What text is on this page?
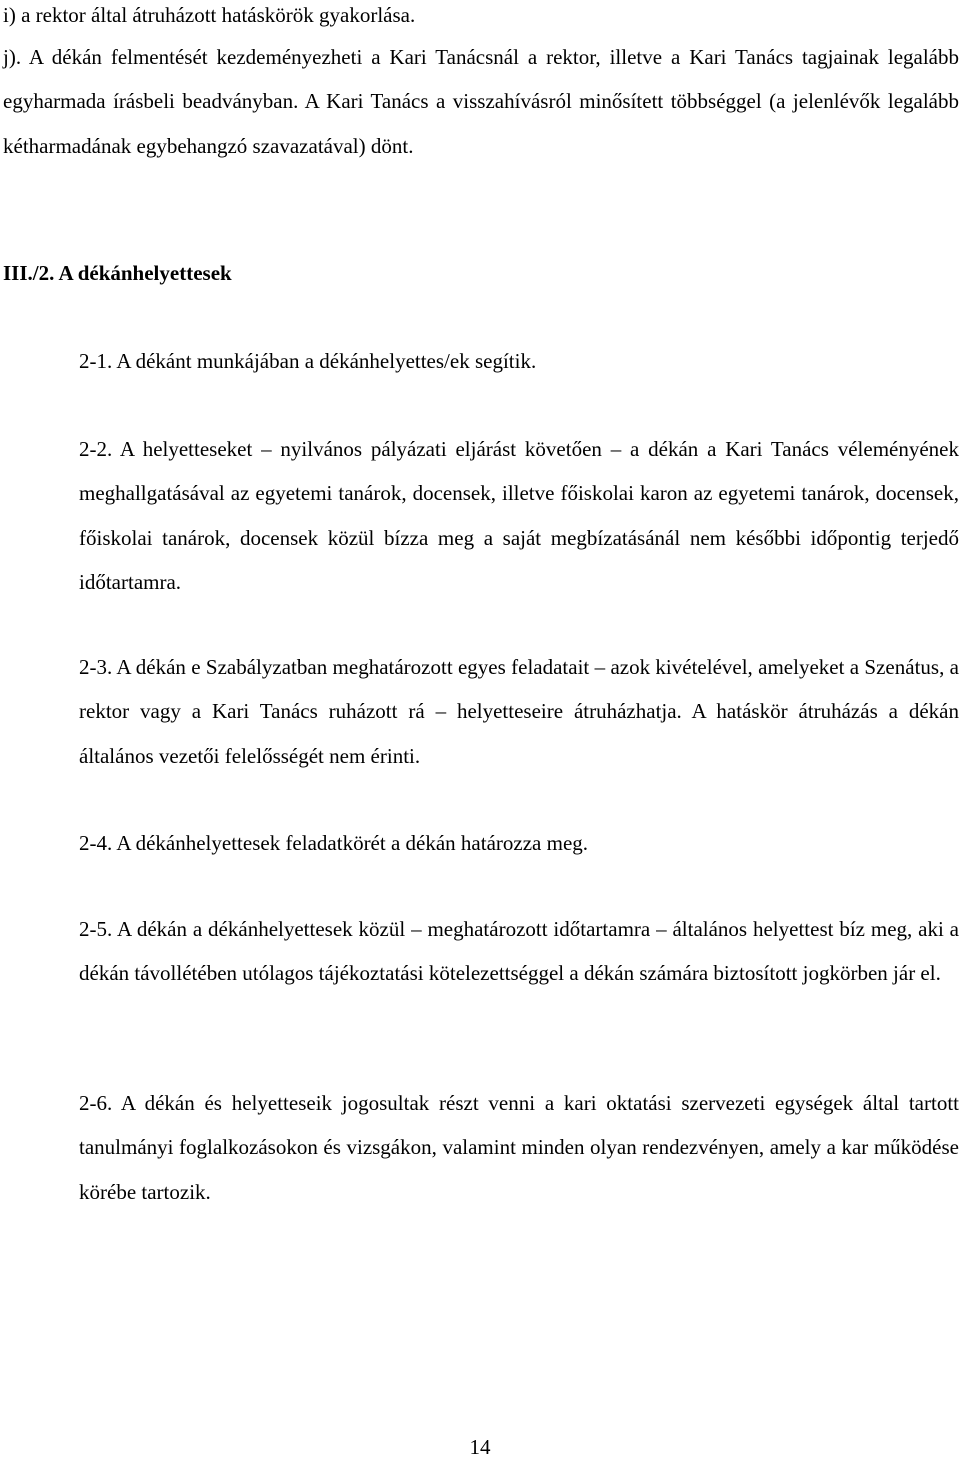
i) a rektor által átruházott hatáskörök gyakorlása.

j). A dékán felmentését kezdeményezheti a Kari Tanácsnál a rektor, illetve a Kari Tanács tagjainak legalább egyharmada írásbeli beadványban. A Kari Tanács a visszahívásról minősített többséggel (a jelenlévők legalább kétharmadának egybehangzó szavazatával) dönt.

III./2. A dékánhelyettesek
2-1. A dékánt munkájában a dékánhelyettes/ek segítik.

2-2. A helyetteseket – nyilvános pályázati eljárást követően – a dékán a Kari Tanács véleményének meghallgatásával az egyetemi tanárok, docensek, illetve főiskolai karon az egyetemi tanárok, docensek, főiskolai tanárok, docensek közül bízza meg a saját megbízatásánál nem későbbi időpontig terjedő időtartamra.

2-3. A dékán e Szabályzatban meghatározott egyes feladatait – azok kivételével, amelyeket a Szenátus, a rektor vagy a Kari Tanács ruházott rá – helyetteseire átruházhatja. A hatáskör átruházás a dékán általános vezetői felelősségét nem érinti.

2-4. A dékánhelyettesek feladatkörét a dékán határozza meg.

2-5. A dékán a dékánhelyettesek közül – meghatározott időtartamra – általános helyettest bíz meg, aki a dékán távollétében utólagos tájékoztatási kötelezettséggel a dékán számára biztosított jogkörben jár el.

2-6. A dékán és helyetteseik jogosultak részt venni a kari oktatási szervezeti egységek által tartott tanulmányi foglalkozásokon és vizsgákon, valamint minden olyan rendezvényen, amely a kar működése körébe tartozik.

14
